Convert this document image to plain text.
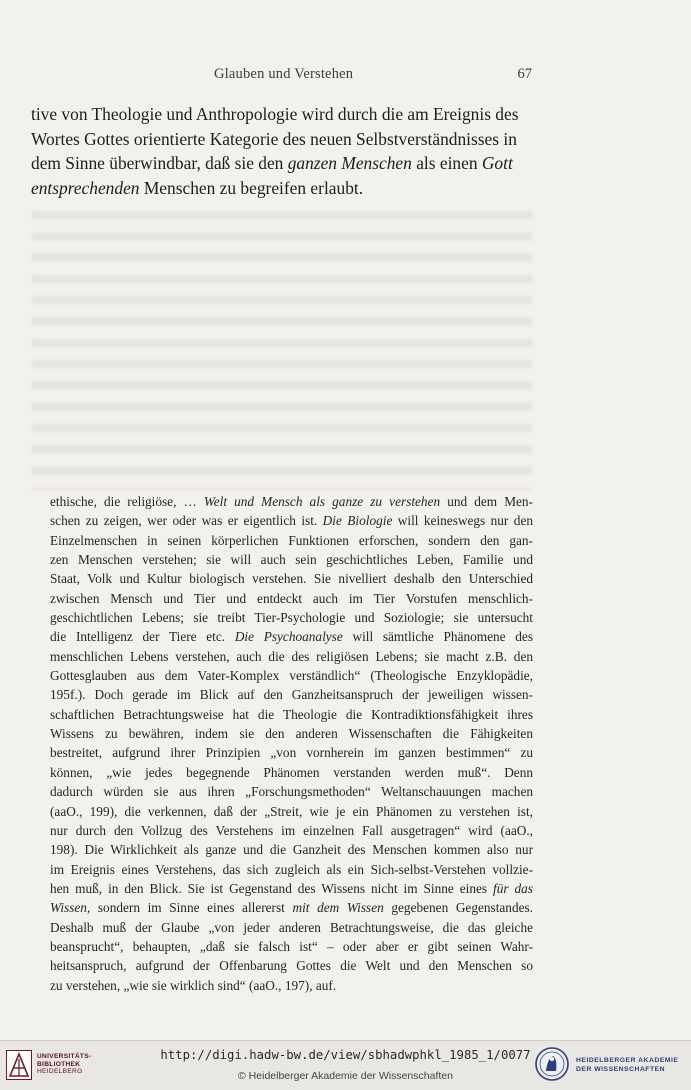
Glauben und Verstehen	67
tive von Theologie und Anthropologie wird durch die am Ereignis des
Wortes Gottes orientierte Kategorie des neuen Selbstverständnisses in
dem Sinne überwindbar, daß sie den ganzen Menschen als einen Gott
entsprechenden Menschen zu begreifen erlaubt.
ethische, die religiöse, … Welt und Mensch als ganze zu verstehen und dem Men-
schen zu zeigen, wer oder was er eigentlich ist. Die Biologie will keineswegs nur den
Einzelmenschen in seinen körperlichen Funktionen erforschen, sondern den gan-
zen Menschen verstehen; sie will auch sein geschichtliches Leben, Familie und
Staat, Volk und Kultur biologisch verstehen. Sie nivelliert deshalb den Unterschied
zwischen Mensch und Tier und entdeckt auch im Tier Vorstufen menschlich-
geschichtlichen Lebens; sie treibt Tier-Psychologie und Soziologie; sie untersucht
die Intelligenz der Tiere etc. Die Psychoanalyse will sämtliche Phänomene des
menschlichen Lebens verstehen, auch die des religiösen Lebens; sie macht z.B. den
Gottesglauben aus dem Vater-Komplex verständlich“ (Theologische Enzyklopädie,
195f.). Doch gerade im Blick auf den Ganzheitsanspruch der jeweiligen wissen-
schaftlichen Betrachtungsweise hat die Theologie die Kontradiktionsfähigkeit ihres
Wissens zu bewähren, indem sie den anderen Wissenschaften die Fähigkeiten
bestreitet, aufgrund ihrer Prinzipien „von vornherein im ganzen bestimmen“ zu
können, „wie jedes begegnende Phänomen verstanden werden muß“. Denn
dadurch würden sie aus ihren „Forschungsmethoden“ Weltanschauungen machen
(aaO., 199), die verkennen, daß der „Streit, wie je ein Phänomen zu verstehen ist,
nur durch den Vollzug des Verstehens im einzelnen Fall ausgetragen“ wird (aaO.,
198). Die Wirklichkeit als ganze und die Ganzheit des Menschen kommen also nur
im Ereignis eines Verstehens, das sich zugleich als ein Sich-selbst-Verstehen vollzie-
hen muß, in den Blick. Sie ist Gegenstand des Wissens nicht im Sinne eines für das
Wissen, sondern im Sinne eines allererst mit dem Wissen gegebenen Gegenstandes.
Deshalb muß der Glaube „von jeder anderen Betrachtungsweise, die das gleiche
beansprucht“, behaupten, „daß sie falsch ist“ – oder aber er gibt seinen Wahr-
heitsanspruch, aufgrund der Offenbarung Gottes die Welt und den Menschen so
zu verstehen, „wie sie wirklich sind“ (aaO., 197), auf.
UNIVERSITÄTS-
BIBLIOTHEK
HEIDELBERG
http://digi.hadw-bw.de/view/sbhadwphkl_1985_1/0077
© Heidelberger Akademie der Wissenschaften
HEIDELBERGER AKADEMIE
DER WISSENSCHAFTEN
